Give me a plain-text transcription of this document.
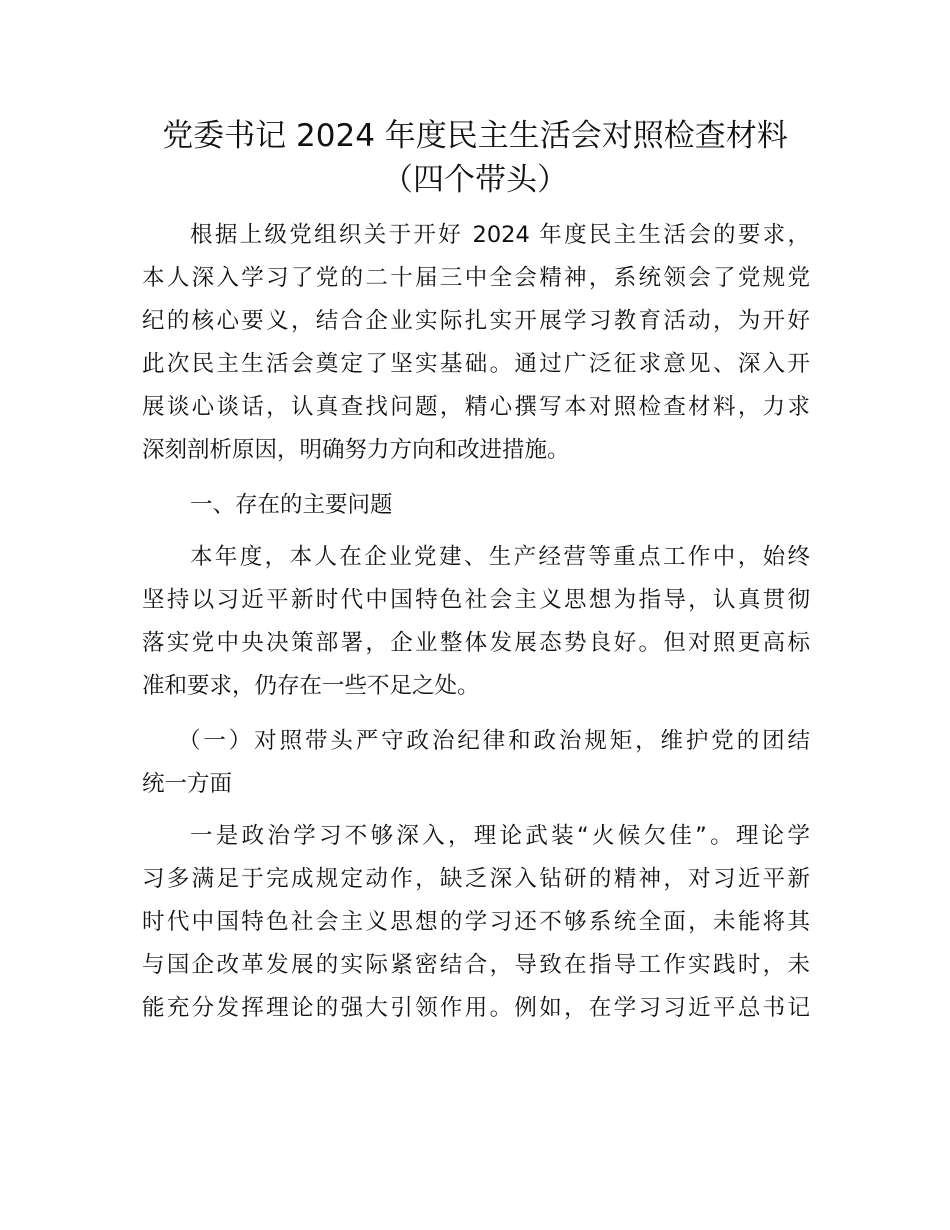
党委书记 2024 年度民主生活会对照检查材料
（四个带头）
根据上级党组织关于开好 2024 年度民主生活会的要求，
本人深入学习了党的二十届三中全会精神，系统领会了党规党
纪的核心要义，结合企业实际扎实开展学习教育活动，为开好
此次民主生活会奠定了坚实基础。通过广泛征求意见、深入开
展谈心谈话，认真查找问题，精心撰写本对照检查材料，力求
深刻剖析原因，明确努力方向和改进措施。
一、存在的主要问题
本年度，本人在企业党建、生产经营等重点工作中，始终
坚持以习近平新时代中国特色社会主义思想为指导，认真贯彻
落实党中央决策部署，企业整体发展态势良好。但对照更高标
准和要求，仍存在一些不足之处。
（一）对照带头严守政治纪律和政治规矩，维护党的团结
统一方面
一是政治学习不够深入，理论武装“火候欠佳”。理论学
习多满足于完成规定动作，缺乏深入钻研的精神，对习近平新
时代中国特色社会主义思想的学习还不够系统全面，未能将其
与国企改革发展的实际紧密结合，导致在指导工作实践时，未
能充分发挥理论的强大引领作用。例如，在学习习近平总书记
